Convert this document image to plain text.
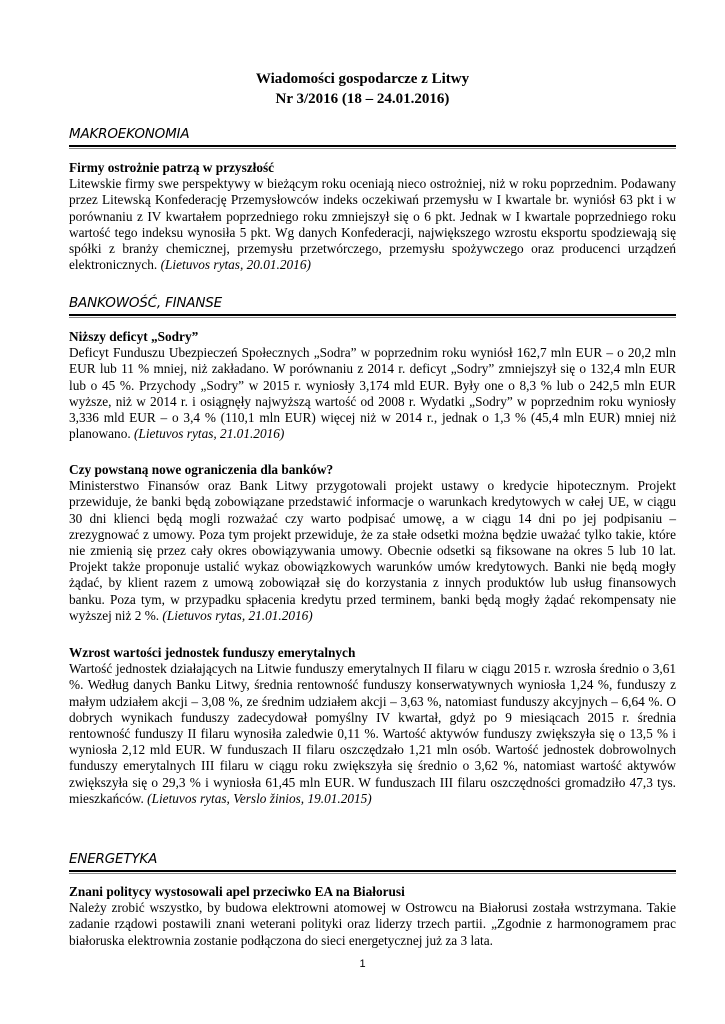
Wiadomości gospodarcze z Litwy
Nr 3/2016 (18 – 24.01.2016)
MAKROEKONOMIA
Firmy ostrożnie patrzą w przyszłość

Litewskie firmy swe perspektywy w bieżącym roku oceniają nieco ostrożniej, niż w roku poprzednim. Podawany przez Litewską Konfederację Przemysłowców indeks oczekiwań przemysłu w I kwartale br. wyniósł 63 pkt i w porównaniu z IV kwartałem poprzedniego roku zmniejszył się o 6 pkt. Jednak w I kwartale poprzedniego roku wartość tego indeksu wynosiła 5 pkt. Wg danych Konfederacji, największego wzrostu eksportu spodziewają się spółki z branży chemicznej, przemysłu przetwórczego, przemysłu spożywczego oraz producenci urządzeń elektronicznych. (Lietuvos rytas, 20.01.2016)

BANKOWOŚĆ, FINANSE
Niższy deficyt „Sodry”

Deficyt Funduszu Ubezpieczeń Społecznych „Sodra” w poprzednim roku wyniósł 162,7 mln EUR – o 20,2 mln EUR lub 11 % mniej, niż zakładano. W porównaniu z 2014 r. deficyt „Sodry” zmniejszył się o 132,4 mln EUR lub o 45 %. Przychody „Sodry” w 2015 r. wyniosły 3,174 mld EUR. Były one o 8,3 % lub o 242,5 mln EUR wyższe, niż w 2014 r. i osiągnęły najwyższą wartość od 2008 r. Wydatki „Sodry” w poprzednim roku wyniosły 3,336 mld EUR – o 3,4 % (110,1 mln EUR) więcej niż w 2014 r., jednak o 1,3 % (45,4 mln EUR) mniej niż planowano. (Lietuvos rytas, 21.01.2016)

Czy powstaną nowe ograniczenia dla banków?

Ministerstwo Finansów oraz Bank Litwy przygotowali projekt ustawy o kredycie hipotecznym. Projekt przewiduje, że banki będą zobowiązane przedstawić informacje o warunkach kredytowych w całej UE, w ciągu 30 dni klienci będą mogli rozważać czy warto podpisać umowę, a w ciągu 14 dni po jej podpisaniu – zrezygnować z umowy. Poza tym projekt przewiduje, że za stałe odsetki można będzie uważać tylko takie, które nie zmienią się przez cały okres obowiązywania umowy. Obecnie odsetki są fiksowane na okres 5 lub 10 lat. Projekt także proponuje ustalić wykaz obowiązkowych warunków umów kredytowych. Banki nie będą mogły żądać, by klient razem z umową zobowiązał się do korzystania z innych produktów lub usług finansowych banku. Poza tym, w przypadku spłacenia kredytu przed terminem, banki będą mogły żądać rekompensaty nie wyższej niż 2 %. (Lietuvos rytas, 21.01.2016)

Wzrost wartości jednostek funduszy emerytalnych

Wartość jednostek działających na Litwie funduszy emerytalnych II filaru w ciągu 2015 r. wzrosła średnio o 3,61 %. Według danych Banku Litwy, średnia rentowność funduszy konserwatywnych wyniosła 1,24 %, funduszy z małym udziałem akcji – 3,08 %, ze średnim udziałem akcji – 3,63 %, natomiast funduszy akcyjnych – 6,64 %. O dobrych wynikach funduszy zadecydował pomyślny IV kwartał, gdyż po 9 miesiącach 2015 r. średnia rentowność funduszy II filaru wynosiła zaledwie 0,11 %. Wartość aktywów funduszy zwiększyła się o 13,5 % i wyniosła 2,12 mld EUR. W funduszach II filaru oszczędzało 1,21 mln osób. Wartość jednostek dobrowolnych funduszy emerytalnych III filaru w ciągu roku zwiększyła się średnio o 3,62 %, natomiast wartość aktywów zwiększyła się o 29,3 % i wyniosła 61,45 mln EUR. W funduszach III filaru oszczędności gromadziło 47,3 tys. mieszkańców. (Lietuvos rytas, Verslo žinios, 19.01.2015)

ENERGETYKA
Znani politycy wystosowali apel przeciwko EA na Białorusi

Należy zrobić wszystko, by budowa elektrowni atomowej w Ostrowcu na Białorusi została wstrzymana. Takie zadanie rządowi postawili znani weterani polityki oraz liderzy trzech partii. „Zgodnie z harmonogramem prac białoruska elektrownia zostanie podłączona do sieci energetycznej już za 3 lata.

1
